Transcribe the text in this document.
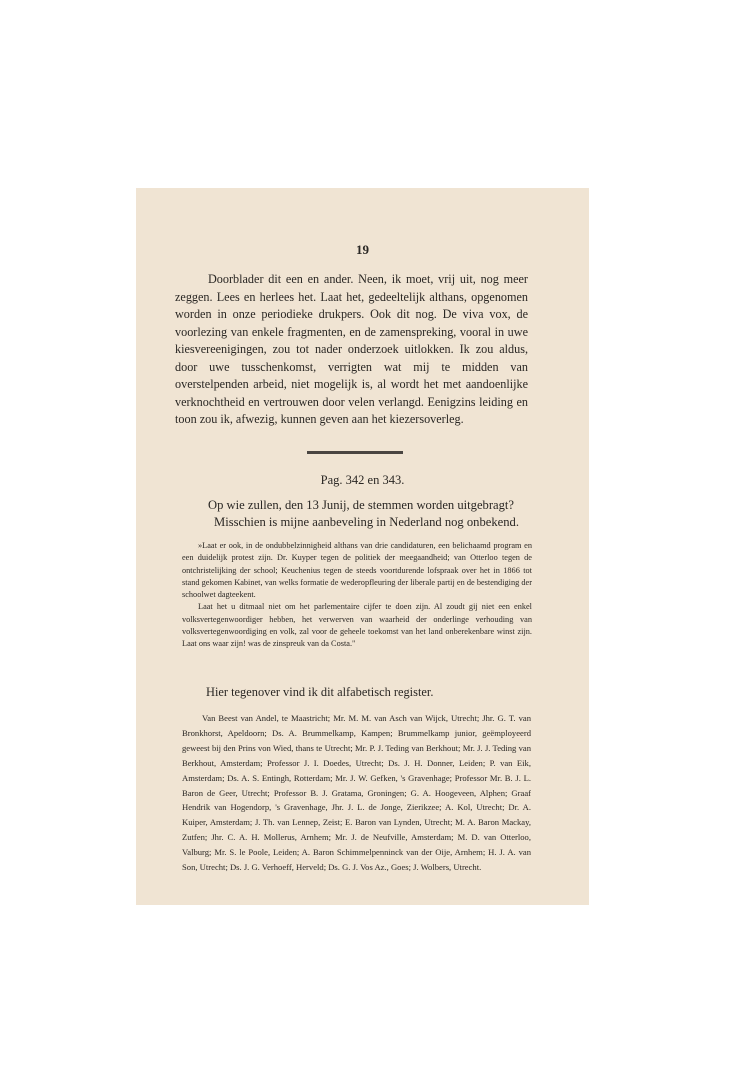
19

Doorblader dit een en ander. Neen, ik moet, vrij uit, nog meer zeggen. Lees en herlees het. Laat het, gedeeltelijk althans, opgenomen worden in onze periodieke drukpers. Ook dit nog. De viva vox, de voorlezing van enkele fragmenten, en de zamenspreking, vooral in uwe kiesvereenigingen, zou tot nader onderzoek uitlokken. Ik zou aldus, door uwe tusschenkomst, verrigten wat mij te midden van overstelpenden arbeid, niet mogelijk is, al wordt het met aandoenlijke verknochtheid en vertrouwen door velen verlangd. Eenigzins leiding en toon zou ik, afwezig, kunnen geven aan het kiezersoverleg.

Pag. 342 en 343.
Op wie zullen, den 13 Junij, de stemmen worden uitgebragt?
Misschien is mijne aanbeveling in Nederland nog onbekend.

»Laat er ook, in de ondubbelzinnigheid althans van drie candidaturen, een belichaamd program en een duidelijk protest zijn. Dr. Kuyper tegen de politiek der meegaandheid; van Otterloo tegen de ontchristelijking der school; Keuchenius tegen de steeds voortdurende lofspraak over het in 1866 tot stand gekomen Kabinet, van welks formatie de wederopfleuring der liberale partij en de bestendiging der schoolwet dagteekent.

Laat het u ditmaal niet om het parlementaire cijfer te doen zijn. Al zoudt gij niet een enkel volksvertegenwoordiger hebben, het verwerven van waarheid der onderlinge verhouding van volksvertegenwoordiging en volk, zal voor de geheele toekomst van het land onberekenbare winst zijn. Laat ons waar zijn! was de zinspreuk van da Costa."

Hier tegenover vind ik dit alfabetisch register.

Van Beest van Andel, te Maastricht; Mr. M. M. van Asch van Wijck, Utrecht; Jhr. G. T. van Bronkhorst, Apeldoorn; Ds. A. Brummelkamp, Kampen; Brummelkamp junior, geëmployeerd geweest bij den Prins von Wied, thans te Utrecht; Mr. P. J. Teding van Berkhout; Mr. J. J. Teding van Berkhout, Amsterdam; Professor J. I. Doedes, Utrecht; Ds. J. H. Donner, Leiden; P. van Eik, Amsterdam; Ds. A. S. Entingh, Rotterdam; Mr. J. W. Gefken, 's Gravenhage; Professor Mr. B. J. L. Baron de Geer, Utrecht; Professor B. J. Gratama, Groningen; G. A. Hoogeveen, Alphen; Graaf Hendrik van Hogendorp, 's Gravenhage, Jhr. J. L. de Jonge, Zierikzee; A. Kol, Utrecht; Dr. A. Kuiper, Amsterdam; J. Th. van Lennep, Zeist; E. Baron van Lynden, Utrecht; M. A. Baron Mackay, Zutfen; Jhr. C. A. H. Mollerus, Arnhem; Mr. J. de Neufville, Amsterdam; M. D. van Otterloo, Valburg; Mr. S. le Poole, Leiden; A. Baron Schimmelpenninck van der Oije, Arnhem; H. J. A. van Son, Utrecht; Ds. J. G. Verhoeff, Herveld; Ds. G. J. Vos Az., Goes; J. Wolbers, Utrecht.
